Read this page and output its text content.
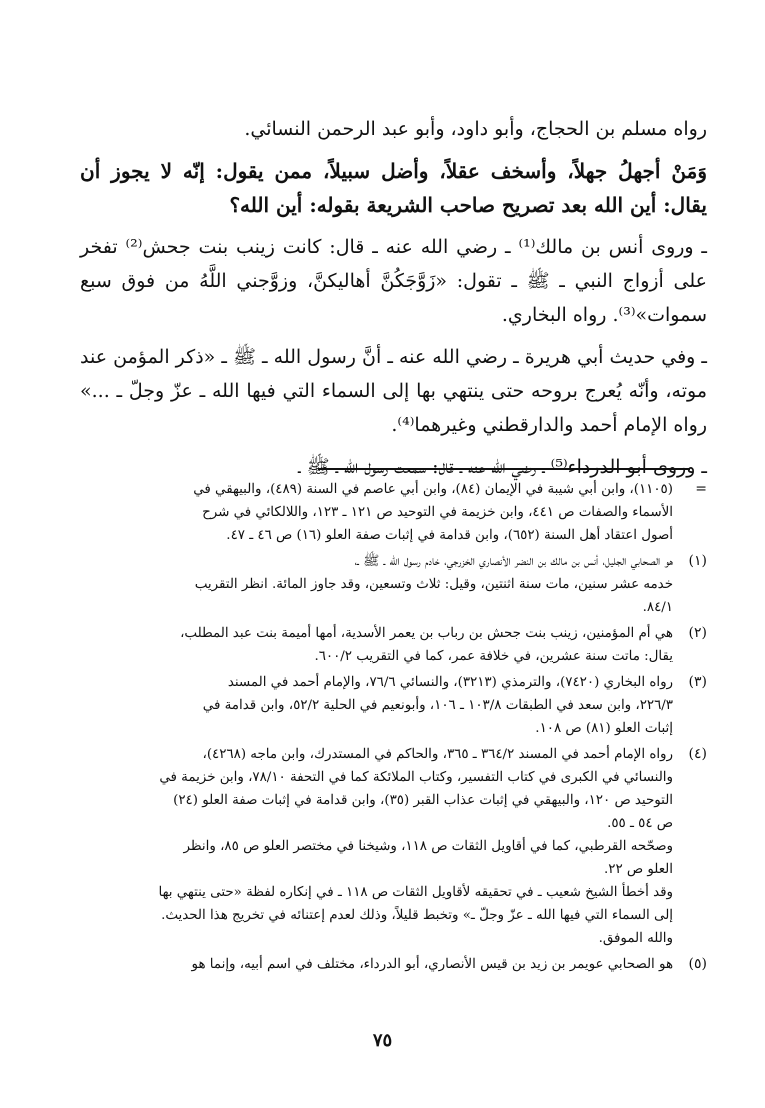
رواه مسلم بن الحجاج، وأبو داود، وأبو عبد الرحمن النسائي.

وَمَنْ أجهلُ جهلاً، وأسخف عقلاً، وأضل سبيلاً، ممن يقول: إنّه لا يجوز أن يقال: أين الله بعد تصريح صاحب الشريعة بقوله: أين الله؟

ـ وروى أنس بن مالك⁽¹⁾ ـ رضي الله عنه ـ قال: كانت زينب بنت جحش⁽²⁾ تفخر على أزواج النبي ـ ﷺ ـ تقول: «زَوَّجَكُنَّ أهاليكنَّ، وزوَّجني اللَّهُ من فوق سبع سموات»⁽³⁾. رواه البخاري.

ـ وفي حديث أبي هريرة ـ رضي الله عنه ـ أنَّ رسول الله ـ ﷺ ـ «ذكر المؤمن عند موته، وأنّه يُعرج بروحه حتى ينتهي بها إلى السماء التي فيها الله ـ عزّ وجلّ ـ ...» رواه الإمام أحمد والدارقطني وغيرهما⁽⁴⁾.

ـ وروى أبو الدرداء⁽⁵⁾ ـ رضي الله عنه ـ قال: سمعت رسول الله ـ ﷺ ـ

=
(١١٠٥)، وابن أبي شيبة في الإيمان (٨٤)، وابن أبي عاصم في السنة (٤٨٩)، والبيهقي في
الأسماء والصفات ص ٤٤١، وابن خزيمة في التوحيد ص ١٢١ ـ ١٢٣، واللالكائي في شرح
أصول اعتقاد أهل السنة (٦٥٢)، وابن قدامة في إثبات صفة العلو (١٦) ص ٤٦ ـ ٤٧.
(١)
هو الصحابي الجليل، أنس بن مالك بن النضر الأنصاري الخزرجي، خادم رسول الله ـ ﷺ ـ،
خدمه عشر سنين، مات سنة اثنتين، وقيل: ثلاث وتسعين، وقد جاوز المائة. انظر التقريب
٨٤/١.
(٢)
هي أم المؤمنين، زينب بنت جحش بن رباب بن يعمر الأسدية، أمها أميمة بنت عبد المطلب،
يقال: ماتت سنة عشرين، في خلافة عمر، كما في التقريب ٦٠٠/٢.
(٣)
رواه البخاري (٧٤٢٠)، والترمذي (٣٢١٣)، والنسائي ٧٦/٦، والإمام أحمد في المسند
٢٢٦/٣، وابن سعد في الطبقات ١٠٣/٨ ـ ١٠٦، وأبونعيم في الحلية ٥٢/٢، وابن قدامة في
إثبات العلو (٨١) ص ١٠٨.
(٤)
رواه الإمام أحمد في المسند ٣٦٤/٢ ـ ٣٦٥، والحاكم في المستدرك، وابن ماجه (٤٢٦٨)،
والنسائي في الكبرى في كتاب التفسير، وكتاب الملائكة كما في التحفة ٧٨/١٠، وابن خزيمة في
التوحيد ص ١٢٠، والبيهقي في إثبات عذاب القبر (٣٥)، وابن قدامة في إثبات صفة العلو (٢٤)
ص ٥٤ ـ ٥٥.
وصحّحه القرطبي، كما في أقاويل الثقات ص ١١٨، وشيخنا في مختصر العلو ص ٨٥، وانظر
العلو ص ٢٢.
وقد أخطأ الشيخ شعيب ـ في تحقيقه لأقاويل الثقات ص ١١٨ ـ في إنكاره لفظة «حتى ينتهي بها
إلى السماء التي فيها الله ـ عزّ وجلّ ـ» وتخبط قليلاً، وذلك لعدم إعتنائه في تخريج هذا الحديث.
والله الموفق.
(٥)
هو الصحابي عويمر بن زيد بن قيس الأنصاري، أبو الدرداء، مختلف في اسم أبيه، وإنما هو
٧٥
